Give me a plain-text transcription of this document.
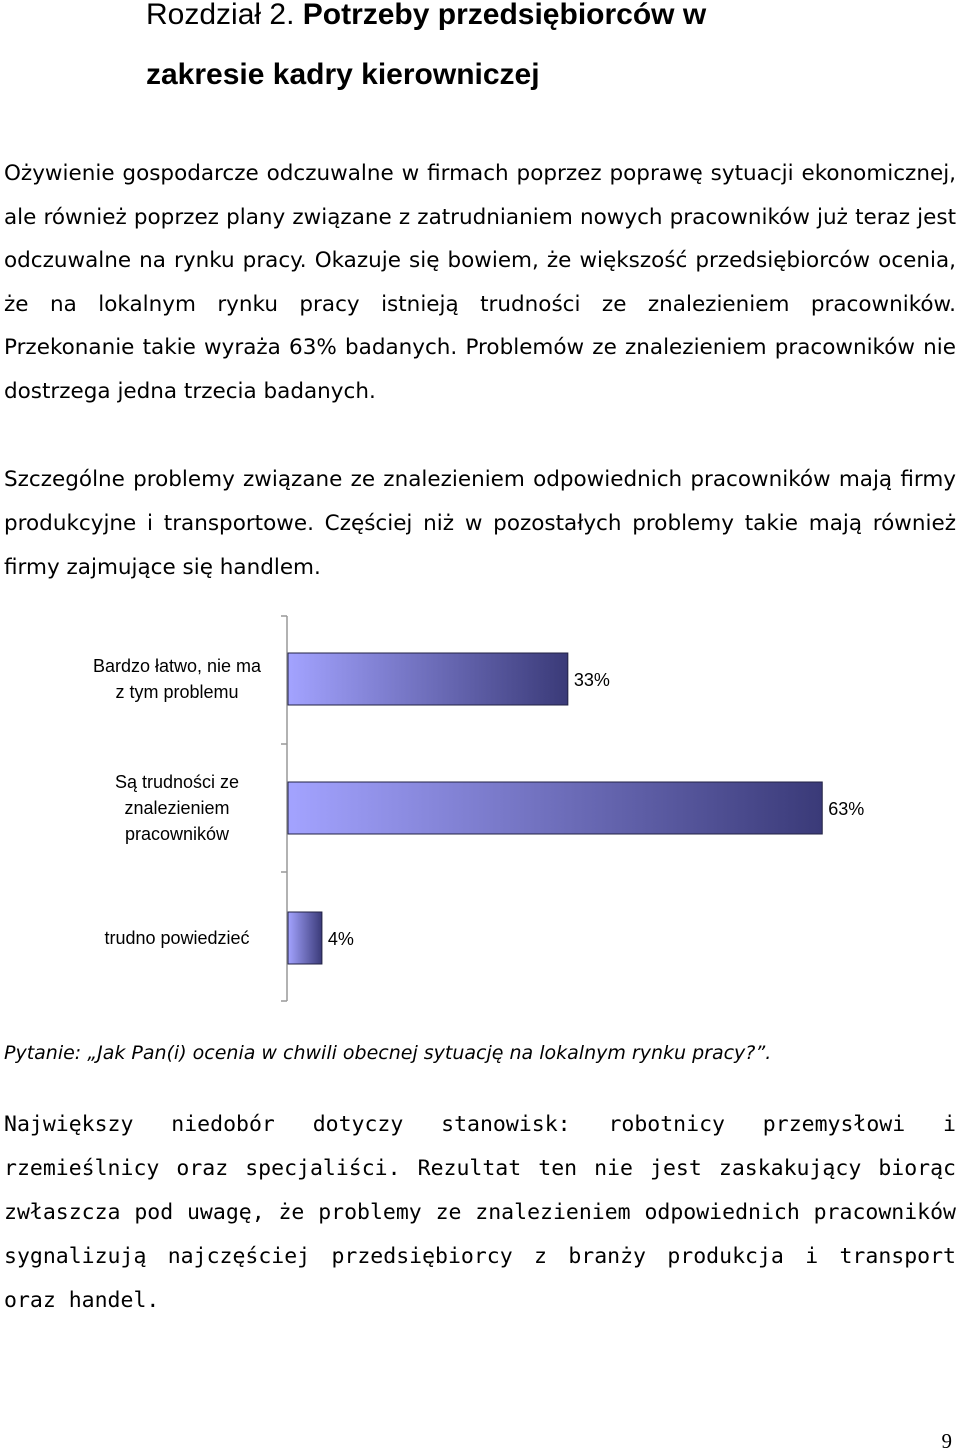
Rozdział 2. Potrzeby przedsiębiorców w
zakresie kadry kierowniczej

Ożywienie gospodarcze odczuwalne w firmach poprzez poprawę sytuacji ekonomicznej, ale również poprzez plany związane z zatrudnianiem nowych pracowników już teraz jest odczuwalne na rynku pracy. Okazuje się bowiem, że większość przedsiębiorców ocenia, że na lokalnym rynku pracy istnieją trudności ze znalezieniem pracowników. Przekonanie takie wyraża 63% badanych. Problemów ze znalezieniem pracowników nie dostrzega jedna trzecia badanych.

Szczególne problemy związane ze znalezieniem odpowiednich pracowników mają firmy produkcyjne i transportowe. Częściej niż w pozostałych problemy takie mają również firmy zajmujące się handlem.

Bardzo łatwo, nie ma
z tym problemu
Są trudności ze
znalezieniem
pracowników
trudno powiedzieć
33%
63%
4%

Pytanie: „Jak Pan(i) ocenia w chwili obecnej sytuację na lokalnym rynku pracy?”.

Największy niedobór dotyczy stanowisk: robotnicy przemysłowi i rzemieślnicy oraz specjaliści. Rezultat ten nie jest zaskakujący biorąc zwłaszcza pod uwagę, że problemy ze znalezieniem odpowiednich pracowników sygnalizują najczęściej przedsiębiorcy z branży produkcja i transport oraz handel.

9
